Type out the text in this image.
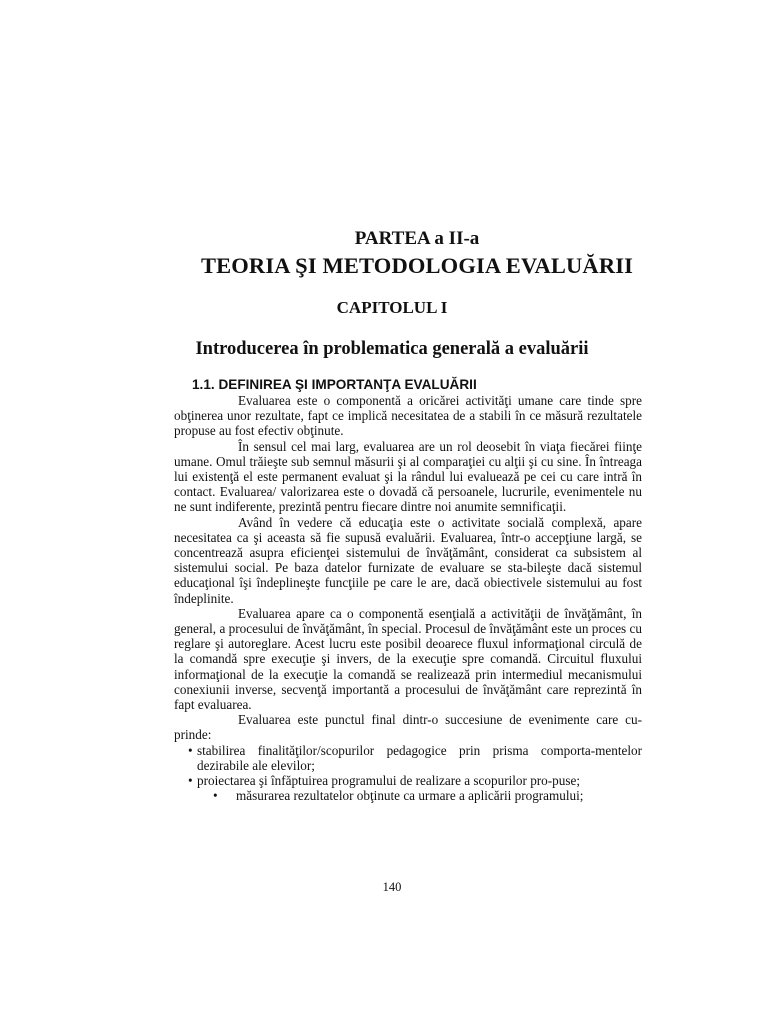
PARTEA a II-a
TEORIA ŞI METODOLOGIA EVALUĂRII
CAPITOLUL I
Introducerea în problematica generală a evaluării
1.1. DEFINIREA ŞI IMPORTANŢA EVALUĂRII

Evaluarea este o componentă a oricărei activităţi umane care tinde spre obţinerea unor rezultate, fapt ce implică necesitatea de a stabili în ce măsură rezultatele propuse au fost efectiv obţinute.

În sensul cel mai larg, evaluarea are un rol deosebit în viaţa fiecărei fiinţe umane. Omul trăieşte sub semnul măsurii şi al comparaţiei cu alţii şi cu sine. În întreaga lui existenţă el este permanent evaluat şi la rândul lui evaluează pe cei cu care intră în contact. Evaluarea/ valorizarea este o dovadă că persoanele, lucrurile, evenimentele nu ne sunt indiferente, prezintă pentru fiecare dintre noi anumite semnificaţii.

Având în vedere că educaţia este o activitate socială complexă, apare necesitatea ca şi aceasta să fie supusă evaluării. Evaluarea, într-o accepţiune largă, se concentrează asupra eficienţei sistemului de învăţământ, considerat ca subsistem al sistemului social. Pe baza datelor furnizate de evaluare se sta-bileşte dacă sistemul educaţional îşi îndeplineşte funcţiile pe care le are, dacă obiectivele sistemului au fost îndeplinite.

Evaluarea apare ca o componentă esenţială a activităţii de învăţământ, în general, a procesului de învăţământ, în special. Procesul de învăţământ este un proces cu reglare şi autoreglare. Acest lucru este posibil deoarece fluxul informaţional circulă de la comandă spre execuţie şi invers, de la execuţie spre comandă. Circuitul fluxului informaţional de la execuţie la comandă se realizează prin intermediul mecanismului conexiunii inverse, secvenţă importantă a procesului de învăţământ care reprezintă în fapt evaluarea.

Evaluarea este punctul final dintr-o succesiune de evenimente care cu-prinde:

• stabilirea finalităţilor/scopurilor pedagogice prin prisma comporta-mentelor dezirabile ale elevilor;
• proiectarea şi înfăptuirea programului de realizare a scopurilor pro-puse;
• măsurarea rezultatelor obţinute ca urmare a aplicării programului;
140
